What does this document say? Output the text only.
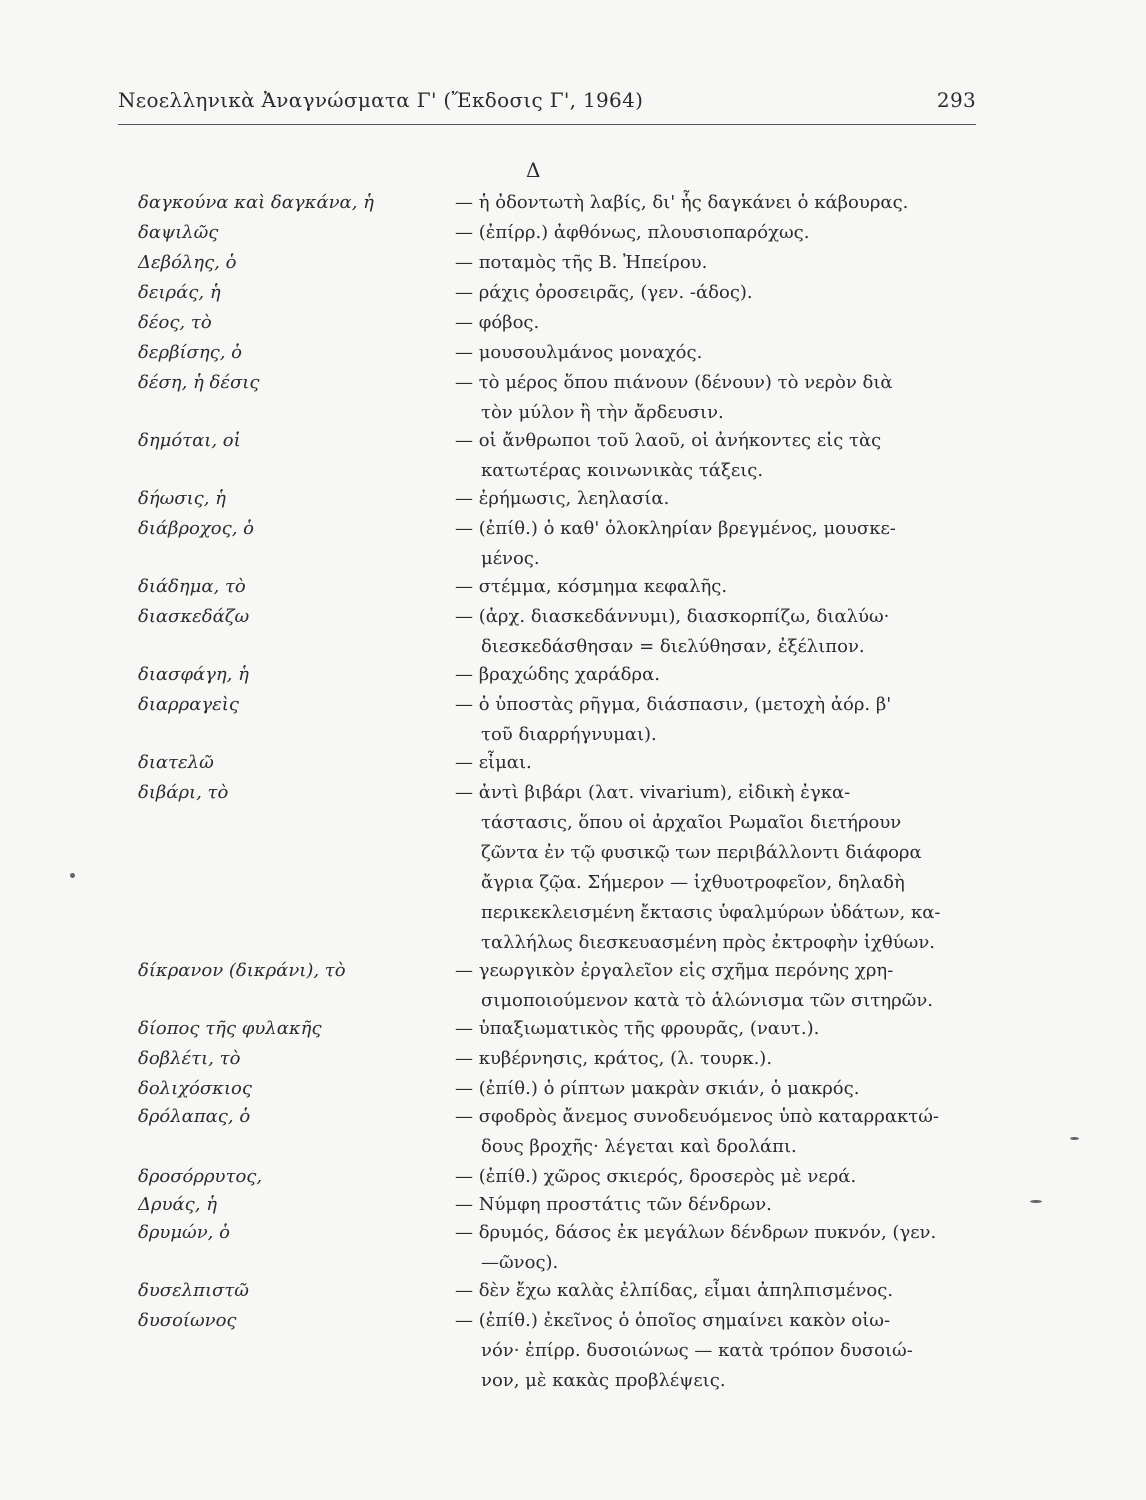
Νεοελληνικὰ Ἀναγνώσματα Γ' (Ἔκδοσις Γ', 1964)	293
Δ
δαγκούνα καὶ δαγκάνα, ἡ	— ἡ ὀδοντωτὴ λαβίς, δι' ἧς δαγκάνει ὁ κάβουρας.
δαψιλῶς	— (ἐπίρρ.) ἀφθόνως, πλουσιοπαρόχως.
Δεβόλης, ὁ	— ποταμὸς τῆς Β. Ἠπείρου.
δειράς, ἡ	— ράχις ὀροσειρᾶς, (γεν. -άδος).
δέος, τὸ	— φόβος.
δερβίσης, ὁ	— μουσουλμάνος μοναχός.
δέση, ἡ δέσις	— τὸ μέρος ὅπου πιάνουν (δένουν) τὸ νερὸν διὰ
τὸν μύλον ἢ τὴν ἄρδευσιν.
δημόται, οἱ	— οἱ ἄνθρωποι τοῦ λαοῦ, οἱ ἀνήκοντες εἰς τὰς
κατωτέρας κοινωνικὰς τάξεις.
δήωσις, ἡ	— ἐρήμωσις, λεηλασία.
διάβροχος, ὁ	— (ἐπίθ.) ὁ καθ' ὁλοκληρίαν βρεγμένος, μουσκε-
μένος.
διάδημα, τὸ	— στέμμα, κόσμημα κεφαλῆς.
διασκεδάζω	— (ἀρχ. διασκεδάννυμι), διασκορπίζω, διαλύω·
διεσκεδάσθησαν = διελύθησαν, ἐξέλιπον.
διασφάγη, ἡ	— βραχώδης χαράδρα.
διαρραγεὶς	— ὁ ὑποστὰς ρῆγμα, διάσπασιν, (μετοχὴ ἀόρ. β'
τοῦ διαρρήγνυμαι).
διατελῶ	— εἶμαι.
διβάρι, τὸ	— ἀντὶ βιβάρι (λατ. vivarium), εἰδικὴ ἐγκα-
τάστασις, ὅπου οἱ ἀρχαῖοι Ρωμαῖοι διετήρουν
ζῶντα ἐν τῷ φυσικῷ των περιβάλλοντι διάφορα
ἄγρια ζῷα. Σήμερον — ἰχθυοτροφεῖον, δηλαδὴ
περικεκλεισμένη ἔκτασις ὑφαλμύρων ὑδάτων, κα-
ταλλήλως διεσκευασμένη πρὸς ἐκτροφὴν ἰχθύων.
δίκρανον (δικράνι), τὸ	— γεωργικὸν ἐργαλεῖον εἰς σχῆμα περόνης χρη-
σιμοποιούμενον κατὰ τὸ ἁλώνισμα τῶν σιτηρῶν.
δίοπος τῆς φυλακῆς	— ὑπαξιωματικὸς τῆς φρουρᾶς, (ναυτ.).
δοβλέτι, τὸ	— κυβέρνησις, κράτος, (λ. τουρκ.).
δολιχόσκιος	— (ἐπίθ.) ὁ ρίπτων μακρὰν σκιάν, ὁ μακρός.
δρόλαπας, ὁ	— σφοδρὸς ἄνεμος συνοδευόμενος ὑπὸ καταρρακτώ-
δους βροχῆς· λέγεται καὶ δρολάπι.
δροσόρρυτος,	— (ἐπίθ.) χῶρος σκιερός, δροσερὸς μὲ νερά.
Δρυάς, ἡ	— Νύμφη προστάτις τῶν δένδρων.
δρυμών, ὁ	— δρυμός, δάσος ἐκ μεγάλων δένδρων πυκνόν, (γεν.
—ῶνος).
δυσελπιστῶ	— δὲν ἔχω καλὰς ἐλπίδας, εἶμαι ἀπηλπισμένος.
δυσοίωνος	— (ἐπίθ.) ἐκεῖνος ὁ ὁποῖος σημαίνει κακὸν οἰω-
νόν· ἐπίρρ. δυσοιώνως — κατὰ τρόπον δυσοιώ-
νον, μὲ κακὰς προβλέψεις.
